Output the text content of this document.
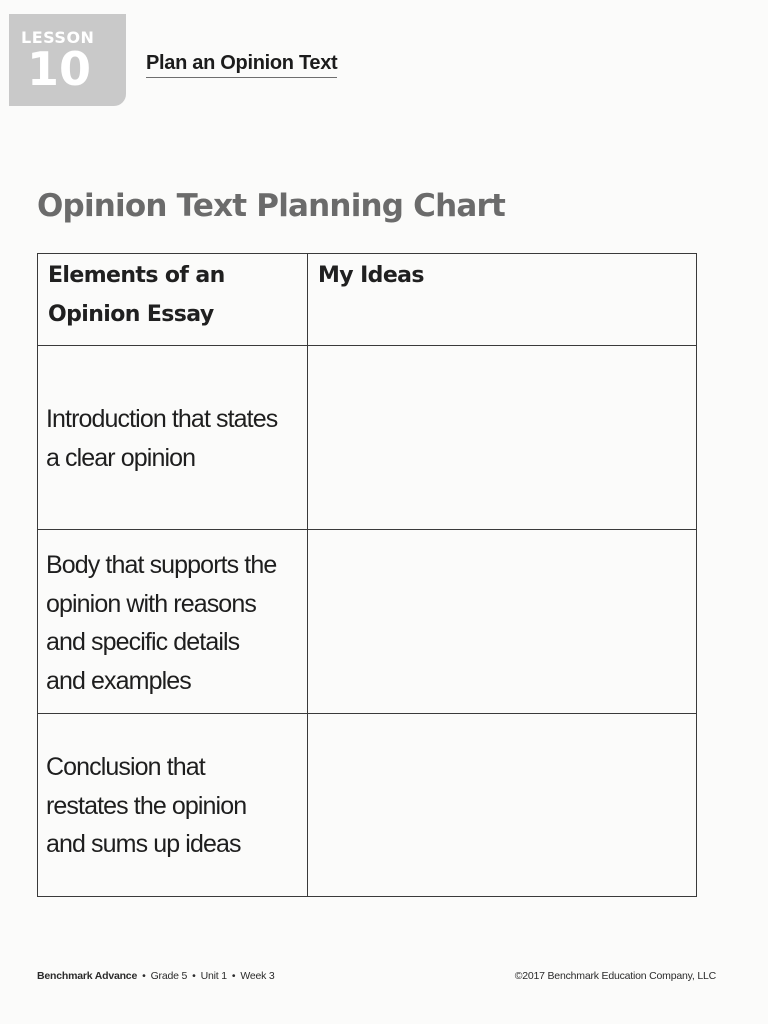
LESSON
10	Plan an Opinion Text
Opinion Text Planning Chart
Elements of an
Opinion Essay	My Ideas

Introduction that states
a clear opinion	

Body that supports the
opinion with reasons
and specific details
and examples	

Conclusion that
restates the opinion
and sums up ideas	

Benchmark Advance • Grade 5 • Unit 1 • Week 3	©2017 Benchmark Education Company, LLC
